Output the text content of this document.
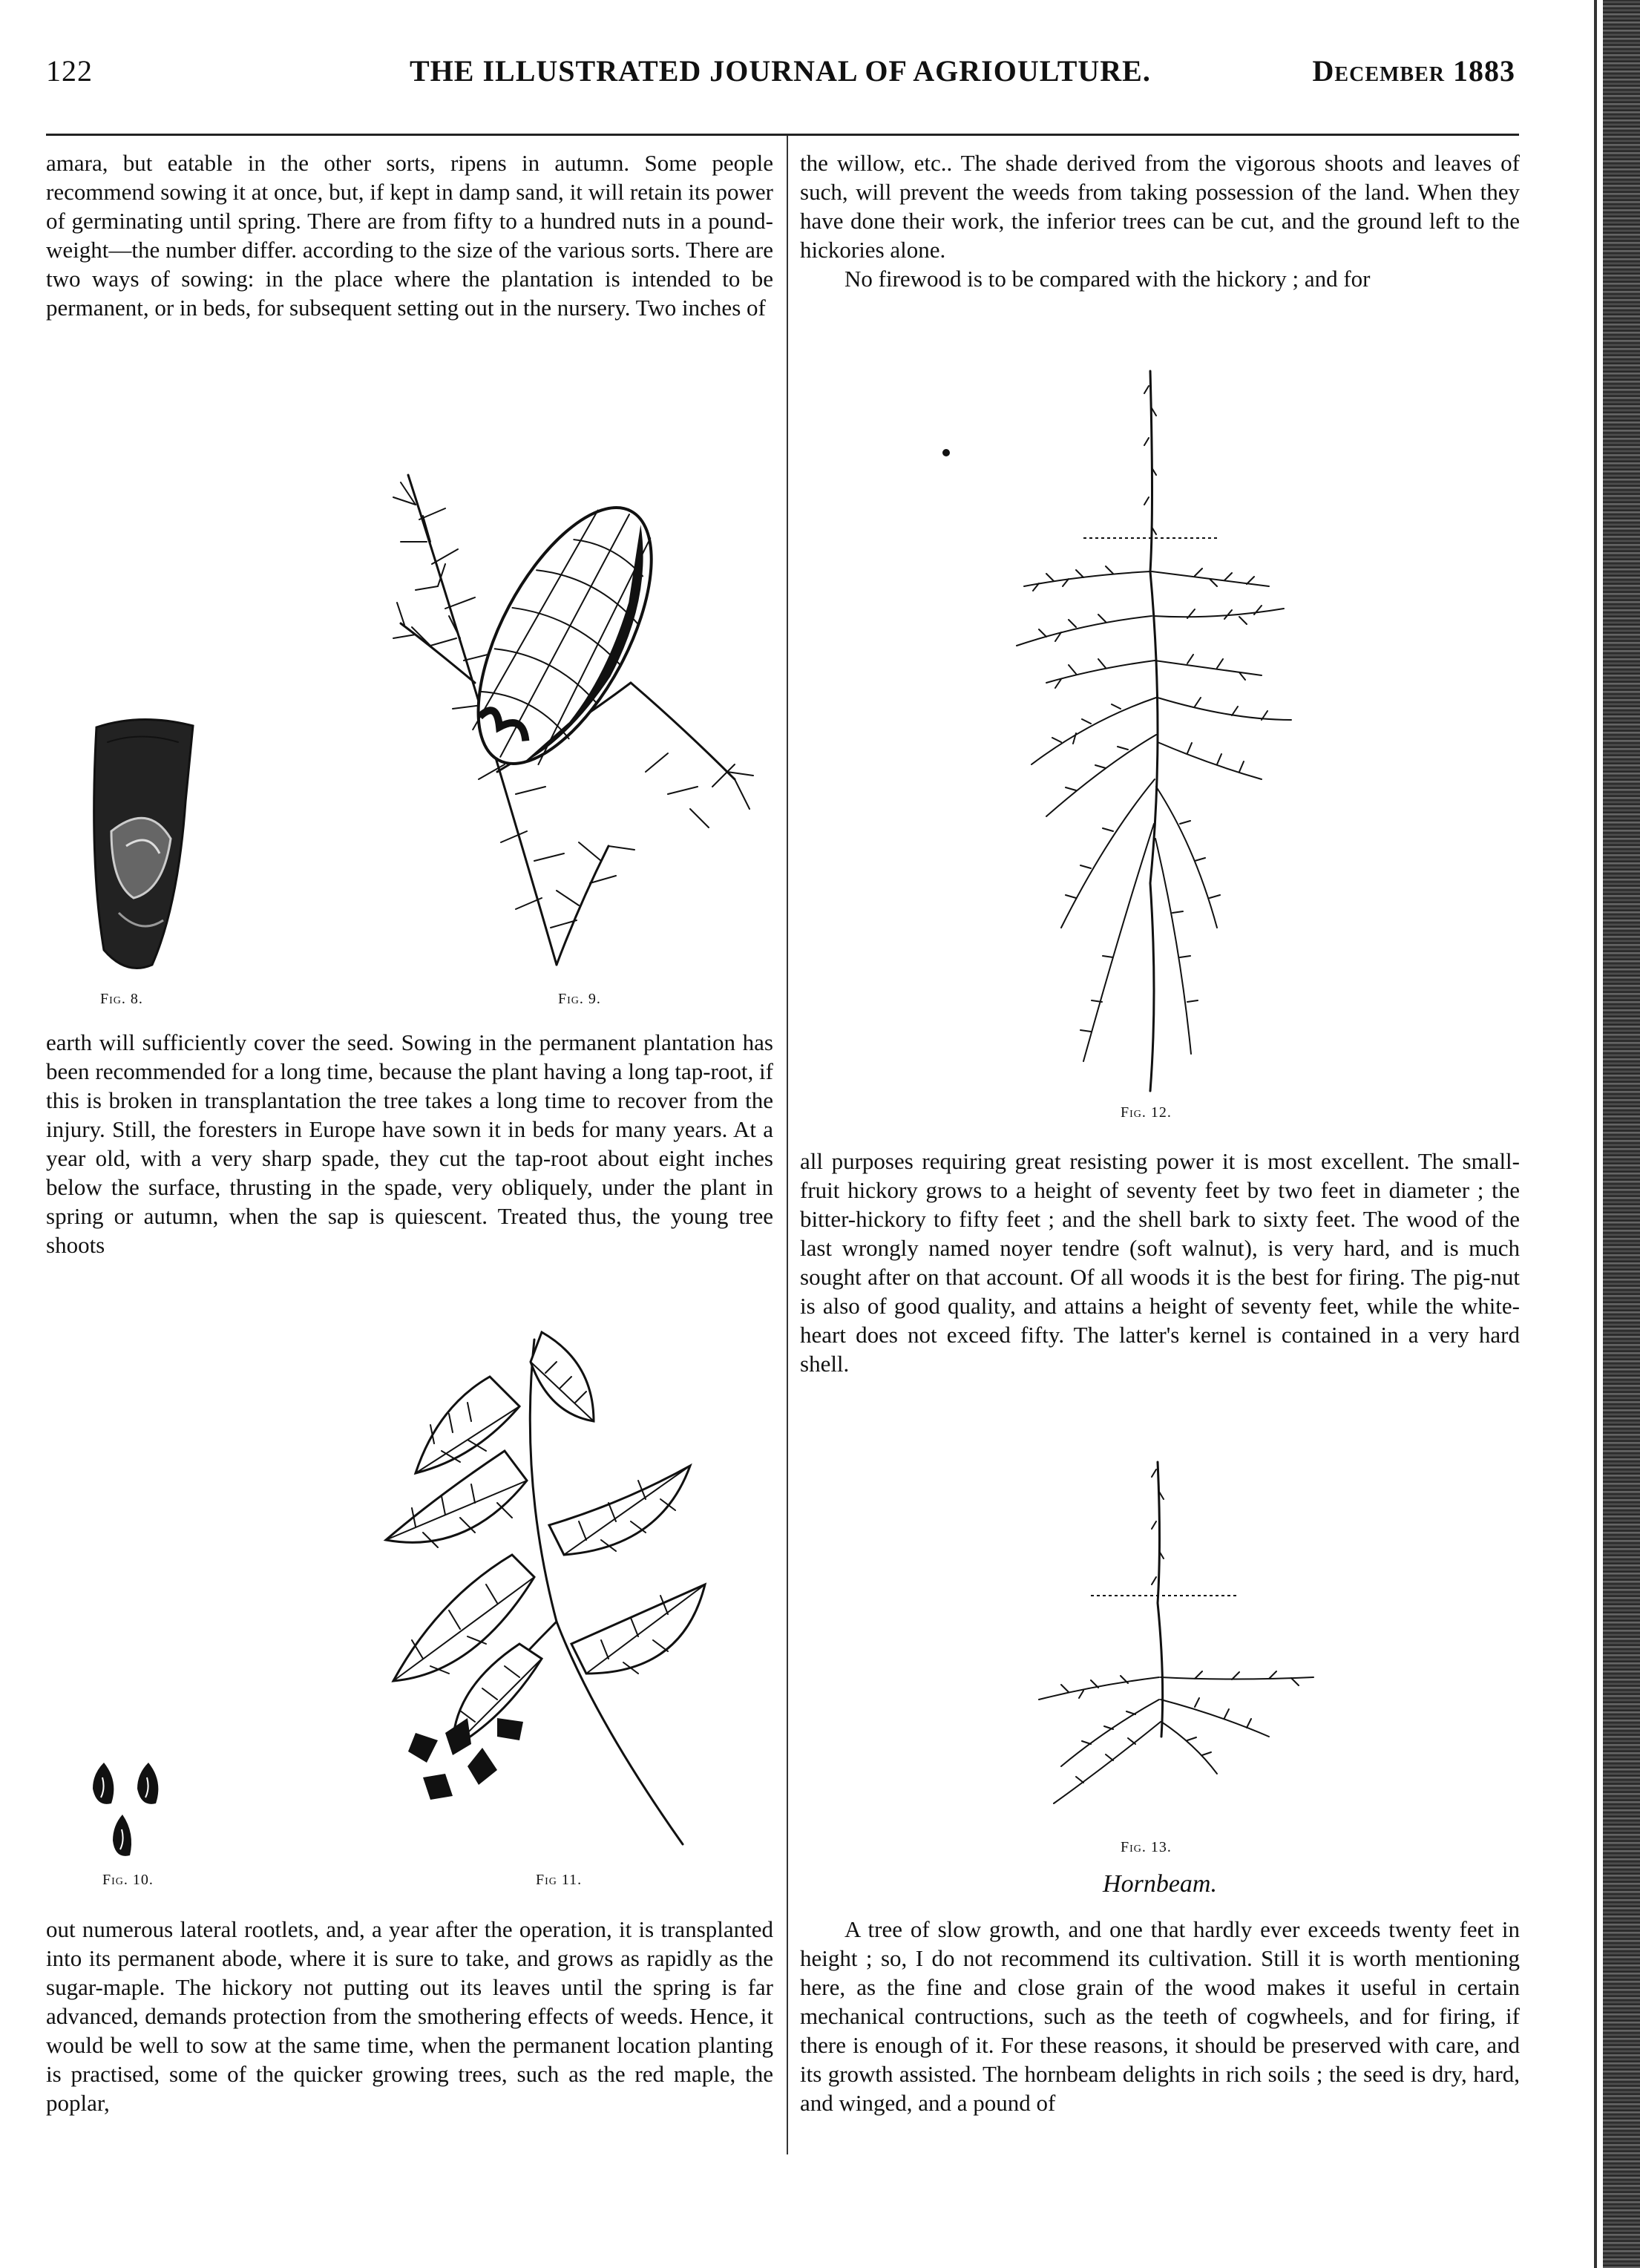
122	THE ILLUSTRATED JOURNAL OF AGRIOULTURE.	December 1883

amara, but eatable in the other sorts, ripens in autumn. Some people recommend sowing it at once, but, if kept in damp sand, it will retain its power of germinating until spring. There are from fifty to a hundred nuts in a pound-weight—the number differ. according to the size of the various sorts. There are two ways of sowing: in the place where the plantation is intended to be permanent, or in beds, for subsequent setting out in the nursery. Two inches of

Fig. 8.	Fig. 9.

earth will sufficiently cover the seed. Sowing in the permanent plantation has been recommended for a long time, because the plant having a long tap-root, if this is broken in transplantation the tree takes a long time to recover from the injury. Still, the foresters in Europe have sown it in beds for many years. At a year old, with a very sharp spade, they cut the tap-root about eight inches below the surface, thrusting in the spade, very obliquely, under the plant in spring or autumn, when the sap is quiescent. Treated thus, the young tree shoots

Fig. 10.	Fig 11.

out numerous lateral rootlets, and, a year after the operation, it is transplanted into its permanent abode, where it is sure to take, and grows as rapidly as the sugar-maple. The hickory not putting out its leaves until the spring is far advanced, demands protection from the smothering effects of weeds. Hence, it would be well to sow at the same time, when the permanent location planting is practised, some of the quicker growing trees, such as the red maple, the poplar,

the willow, etc.. The shade derived from the vigorous shoots and leaves of such, will prevent the weeds from taking possession of the land. When they have done their work, the inferior trees can be cut, and the ground left to the hickories alone.

No firewood is to be compared with the hickory ; and for

Fig. 12.

all purposes requiring great resisting power it is most excellent. The small-fruit hickory grows to a height of seventy feet by two feet in diameter ; the bitter-hickory to fifty feet ; and the shell bark to sixty feet. The wood of the last wrongly named noyer tendre (soft walnut), is very hard, and is much sought after on that account. Of all woods it is the best for firing. The pig-nut is also of good quality, and attains a height of seventy feet, while the white-heart does not exceed fifty. The latter's kernel is contained in a very hard shell.

Fig. 13.
Hornbeam.

A tree of slow growth, and one that hardly ever exceeds twenty feet in height ; so, I do not recommend its cultivation. Still it is worth mentioning here, as the fine and close grain of the wood makes it useful in certain mechanical contructions, such as the teeth of cogwheels, and for firing, if there is enough of it. For these reasons, it should be preserved with care, and its growth assisted. The hornbeam delights in rich soils ; the seed is dry, hard, and winged, and a pound of
